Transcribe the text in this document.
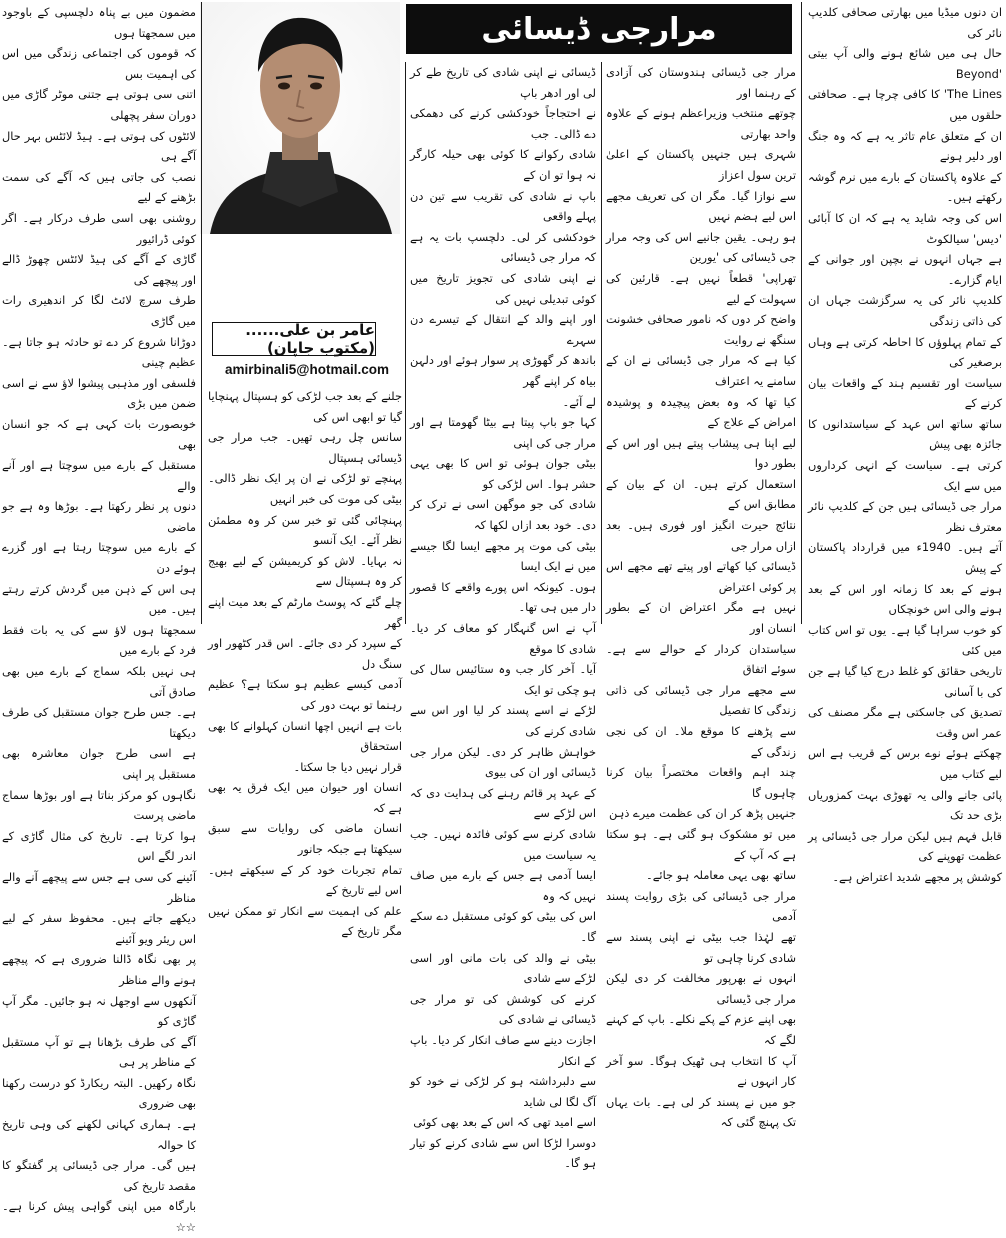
ان دنوں میڈیا میں بھارتی صحافی کلدیپ نائر کی

حال ہی میں شائع ہونے والی آپ بیتی 'Beyond

The Lines' کا کافی چرچا ہے۔ صحافتی حلقوں میں

ان کے متعلق عام تاثر یہ ہے کہ وہ جنگ اور دلیر ہونے

کے علاوہ پاکستان کے بارے میں نرم گوشہ رکھتے ہیں۔

اس کی وجہ شاید یہ ہے کہ ان کا آبائی 'دیس' سیالکوٹ

ہے جہاں انہوں نے بچپن اور جوانی کے ایام گزارے۔

کلدیپ نائر کی یہ سرگزشت جہاں ان کی ذاتی زندگی

کے تمام پہلوؤں کا احاطہ کرتی ہے وہاں برصغیر کی

سیاست اور تقسیم ہند کے واقعات بیان کرنے کے

ساتھ ساتھ اس عہد کے سیاستدانوں کا جائزہ بھی پیش

کرتی ہے۔ سیاست کے انہی کرداروں میں سے ایک

مرار جی ڈیسائی ہیں جن کے کلدیپ نائر معترف نظر

آتے ہیں۔ 1940ء میں قرارداد پاکستان کے پیش

ہونے کے بعد کا زمانہ اور اس کے بعد ہونے والی اس خونچکاں

کو خوب سراہا گیا ہے۔ یوں تو اس کتاب میں کئی

تاریخی حقائق کو غلط درج کیا گیا ہے جن کی با آسانی

تصدیق کی جاسکتی ہے مگر مصنف کی عمر اس وقت

چھکتے ہوئے نوے برس کے قریب ہے اس لیے کتاب میں

پائی جانے والی یہ تھوڑی بہت کمزوریاں بڑی حد تک

قابل فہم ہیں لیکن مرار جی ڈیسائی پر عظمت تھوپنے کی

کوشش پر مجھے شدید اعتراض ہے۔

مرارجی ڈیسائی

مرار جی ڈیسائی ہندوستان کی آزادی کے رہنما اور

چوتھے منتخب وزیراعظم ہونے کے علاوہ واحد بھارتی

شہری ہیں جنہیں پاکستان کے اعلیٰ ترین سول اعزاز

سے نوازا گیا۔ مگر ان کی تعریف مجھے اس لیے ہضم نہیں

ہو رہی۔ یقین جانیے اس کی وجہ مرار جی ڈیسائی کی 'یورین

تھراپی' قطعاً نہیں ہے۔ قارئین کی سہولت کے لیے

واضح کر دوں کہ نامور صحافی خشونت سنگھ نے روایت

کیا ہے کہ مرار جی ڈیسائی نے ان کے سامنے یہ اعتراف

کیا تھا کہ وہ بعض پیچیدہ و پوشیدہ امراض کے علاج کے

لیے اپنا ہی پیشاب پیتے ہیں اور اس کے بطور دوا

استعمال کرتے ہیں۔ ان کے بیان کے مطابق اس کے

نتائج حیرت انگیز اور فوری ہیں۔ بعد ازاں مرار جی

ڈیسائی کیا کھاتے اور پیتے تھے مجھے اس پر کوئی اعتراض

نہیں ہے مگر اعتراض ان کے بطور انسان اور

سیاستدان کردار کے حوالے سے ہے۔ سوئے اتفاق

سے مجھے مرار جی ڈیسائی کی ذاتی زندگی کا تفصیل

سے پڑھنے کا موقع ملا۔ ان کی نجی زندگی کے

چند اہم واقعات مختصراً بیان کرنا چاہوں گا

جنہیں پڑھ کر ان کی عظمت میرے ذہن

میں تو مشکوک ہو گئی ہے۔ ہو سکتا ہے کہ آپ کے

ساتھ بھی یہی معاملہ ہو جائے۔

مرار جی ڈیسائی کی بڑی روایت پسند آدمی

تھے لہٰذا جب بیٹی نے اپنی پسند سے شادی کرنا چاہی تو

انہوں نے بھرپور مخالفت کر دی لیکن مرار جی ڈیسائی

بھی اپنے عزم کے پکے نکلے۔ باپ کے کہنے لگے کہ

آپ کا انتخاب ہی ٹھیک ہوگا۔ سو آخر کار انہوں نے

جو میں نے پسند کر لی ہے۔ بات یہاں تک پہنچ گئی کہ

ڈیسائی نے اپنی شادی کی تاریخ طے کر لی اور ادھر باپ

نے احتجاجاً خودکشی کرنے کی دھمکی دے ڈالی۔ جب

شادی رکوانے کا کوئی بھی حیلہ کارگر نہ ہوا تو ان کے

باپ نے شادی کی تقریب سے تین دن پہلے واقعی

خودکشی کر لی۔ دلچسپ بات یہ ہے کہ مرار جی ڈیسائی

نے اپنی شادی کی تجویز تاریخ میں کوئی تبدیلی نہیں کی

اور اپنے والد کے انتقال کے تیسرے دن سہرے

باندھ کر گھوڑی پر سوار ہوئے اور دلہن بیاہ کر اپنے گھر

لے آئے۔

کہا جو باپ پیتا ہے بیٹا گھومتا ہے اور مرار جی کی اپنی

بیٹی جوان ہوئی تو اس کا بھی یہی حشر ہوا۔ اس لڑکی کو

شادی کی جو موگھن اسی نے ترک کر دی۔ خود بعد ازاں لکھا کہ

بیٹی کی موت پر مجھے ایسا لگا جیسے میں نے ایک ایسا

ہوں۔ کیونکہ اس پورے واقعے کا قصور دار میں ہی تھا۔

آپ نے اس گنہگار کو معاف کر دیا۔ شادی کا موقع

آیا۔ آخر کار جب وہ ستائیس سال کی ہو چکی تو ایک

لڑکے نے اسے پسند کر لیا اور اس سے شادی کرنے کی

خواہش ظاہر کر دی۔ لیکن مرار جی ڈیسائی اور ان کی بیوی

کے عہد پر قائم رہنے کی ہدایت دی کہ اس لڑکے سے

شادی کرنے سے کوئی فائدہ نہیں۔ جب یہ سیاست میں

ایسا آدمی ہے جس کے بارے میں صاف نہیں کہ وہ

اس کی بیٹی کو کوئی مستقبل دے سکے گا۔

بیٹی نے والد کی بات مانی اور اسی لڑکے سے شادی

کرنے کی کوشش کی تو مرار جی ڈیسائی نے شادی کی

اجازت دینے سے صاف انکار کر دیا۔ باپ کے انکار

سے دلبرداشتہ ہو کر لڑکی نے خود کو آگ لگا لی شاید

اسے امید تھی کہ اس کے بعد بھی کوئی

دوسرا لڑکا اس سے شادی کرنے کو تیار ہو گا۔

عامر بن علی...... (مکتوب جاپان)
amirbinali5@hotmail.com

جلنے کے بعد جب لڑکی کو ہسپتال پہنچایا گیا تو ابھی اس کی

سانس چل رہی تھیں۔ جب مرار جی ڈیسائی ہسپتال

پہنچے تو لڑکی نے ان پر ایک نظر ڈالی۔ بیٹی کی موت کی خبر انہیں

پہنچائی گئی تو خبر سن کر وہ مطمئن نظر آئے۔ ایک آنسو

نہ بہایا۔ لاش کو کریمیشن کے لیے بھیج کر وہ ہسپتال سے

چلے گئے کہ پوسٹ مارٹم کے بعد میت اپنے گھر

کے سپرد کر دی جائے۔ اس قدر کٹھور اور سنگ دل

آدمی کیسے عظیم ہو سکتا ہے؟ عظیم رہنما تو بہت دور کی

بات ہے انہیں اچھا انسان کہلوانے کا بھی استحقاق

قرار نہیں دیا جا سکتا۔

انسان اور حیوان میں ایک فرق یہ بھی ہے کہ

انسان ماضی کی روایات سے سبق سیکھتا ہے جبکہ جانور

تمام تجربات خود کر کے سیکھتے ہیں۔ اس لیے تاریخ کے

علم کی اہمیت سے انکار تو ممکن نہیں مگر تاریخ کے

مضمون میں بے پناہ دلچسپی کے باوجود میں سمجھتا ہوں

کہ قوموں کی اجتماعی زندگی میں اس کی اہمیت بس

اتنی سی ہوتی ہے جتنی موٹر گاڑی میں دوران سفر پچھلی

لائٹوں کی ہوتی ہے۔ ہیڈ لائٹس بہر حال آگے ہی

نصب کی جاتی ہیں کہ آگے کی سمت بڑھنے کے لیے

روشنی بھی اسی طرف درکار ہے۔ اگر کوئی ڈرائیور

گاڑی کے آگے کی ہیڈ لائٹس چھوڑ ڈالے اور پیچھے کی

طرف سرچ لائٹ لگا کر اندھیری رات میں گاڑی

دوڑانا شروع کر دے تو حادثہ ہو جاتا ہے۔ عظیم چینی

فلسفی اور مذہبی پیشوا لاؤ سے نے اسی ضمن میں بڑی

خوبصورت بات کہی ہے کہ جو انسان بھی

مستقبل کے بارے میں سوچتا ہے اور آنے والے

دنوں پر نظر رکھتا ہے۔ بوڑھا وہ ہے جو ماضی

کے بارے میں سوچتا رہتا ہے اور گزرے ہوئے دن

ہی اس کے ذہن میں گردش کرتے رہتے ہیں۔ میں

سمجھتا ہوں لاؤ سے کی یہ بات فقط فرد کے بارے میں

ہی نہیں بلکہ سماج کے بارے میں بھی صادق آتی

ہے۔ جس طرح جوان مستقبل کی طرف دیکھتا

ہے اسی طرح جوان معاشرہ بھی مستقبل پر اپنی

نگاہوں کو مرکز بناتا ہے اور بوڑھا سماج ماضی پرست

ہوا کرتا ہے۔ تاریخ کی مثال گاڑی کے اندر لگے اس

آئینے کی سی ہے جس سے پیچھے آنے والے مناظر

دیکھے جاتے ہیں۔ محفوظ سفر کے لیے اس ریئر ویو آئینے

پر بھی نگاہ ڈالنا ضروری ہے کہ پیچھے ہونے والے مناظر

آنکھوں سے اوجھل نہ ہو جائیں۔ مگر آپ گاڑی کو

آگے کی طرف بڑھانا ہے تو آپ مستقبل کے مناظر پر ہی

نگاہ رکھیں۔ البتہ ریکارڈ کو درست رکھنا بھی ضروری

ہے۔ ہماری کہانی لکھنے کی وہی تاریخ کا حوالہ

ہیں گی۔ مرار جی ڈیسائی پر گفتگو کا مقصد تاریخ کی

بارگاہ میں اپنی گواہی پیش کرنا ہے۔☆☆
